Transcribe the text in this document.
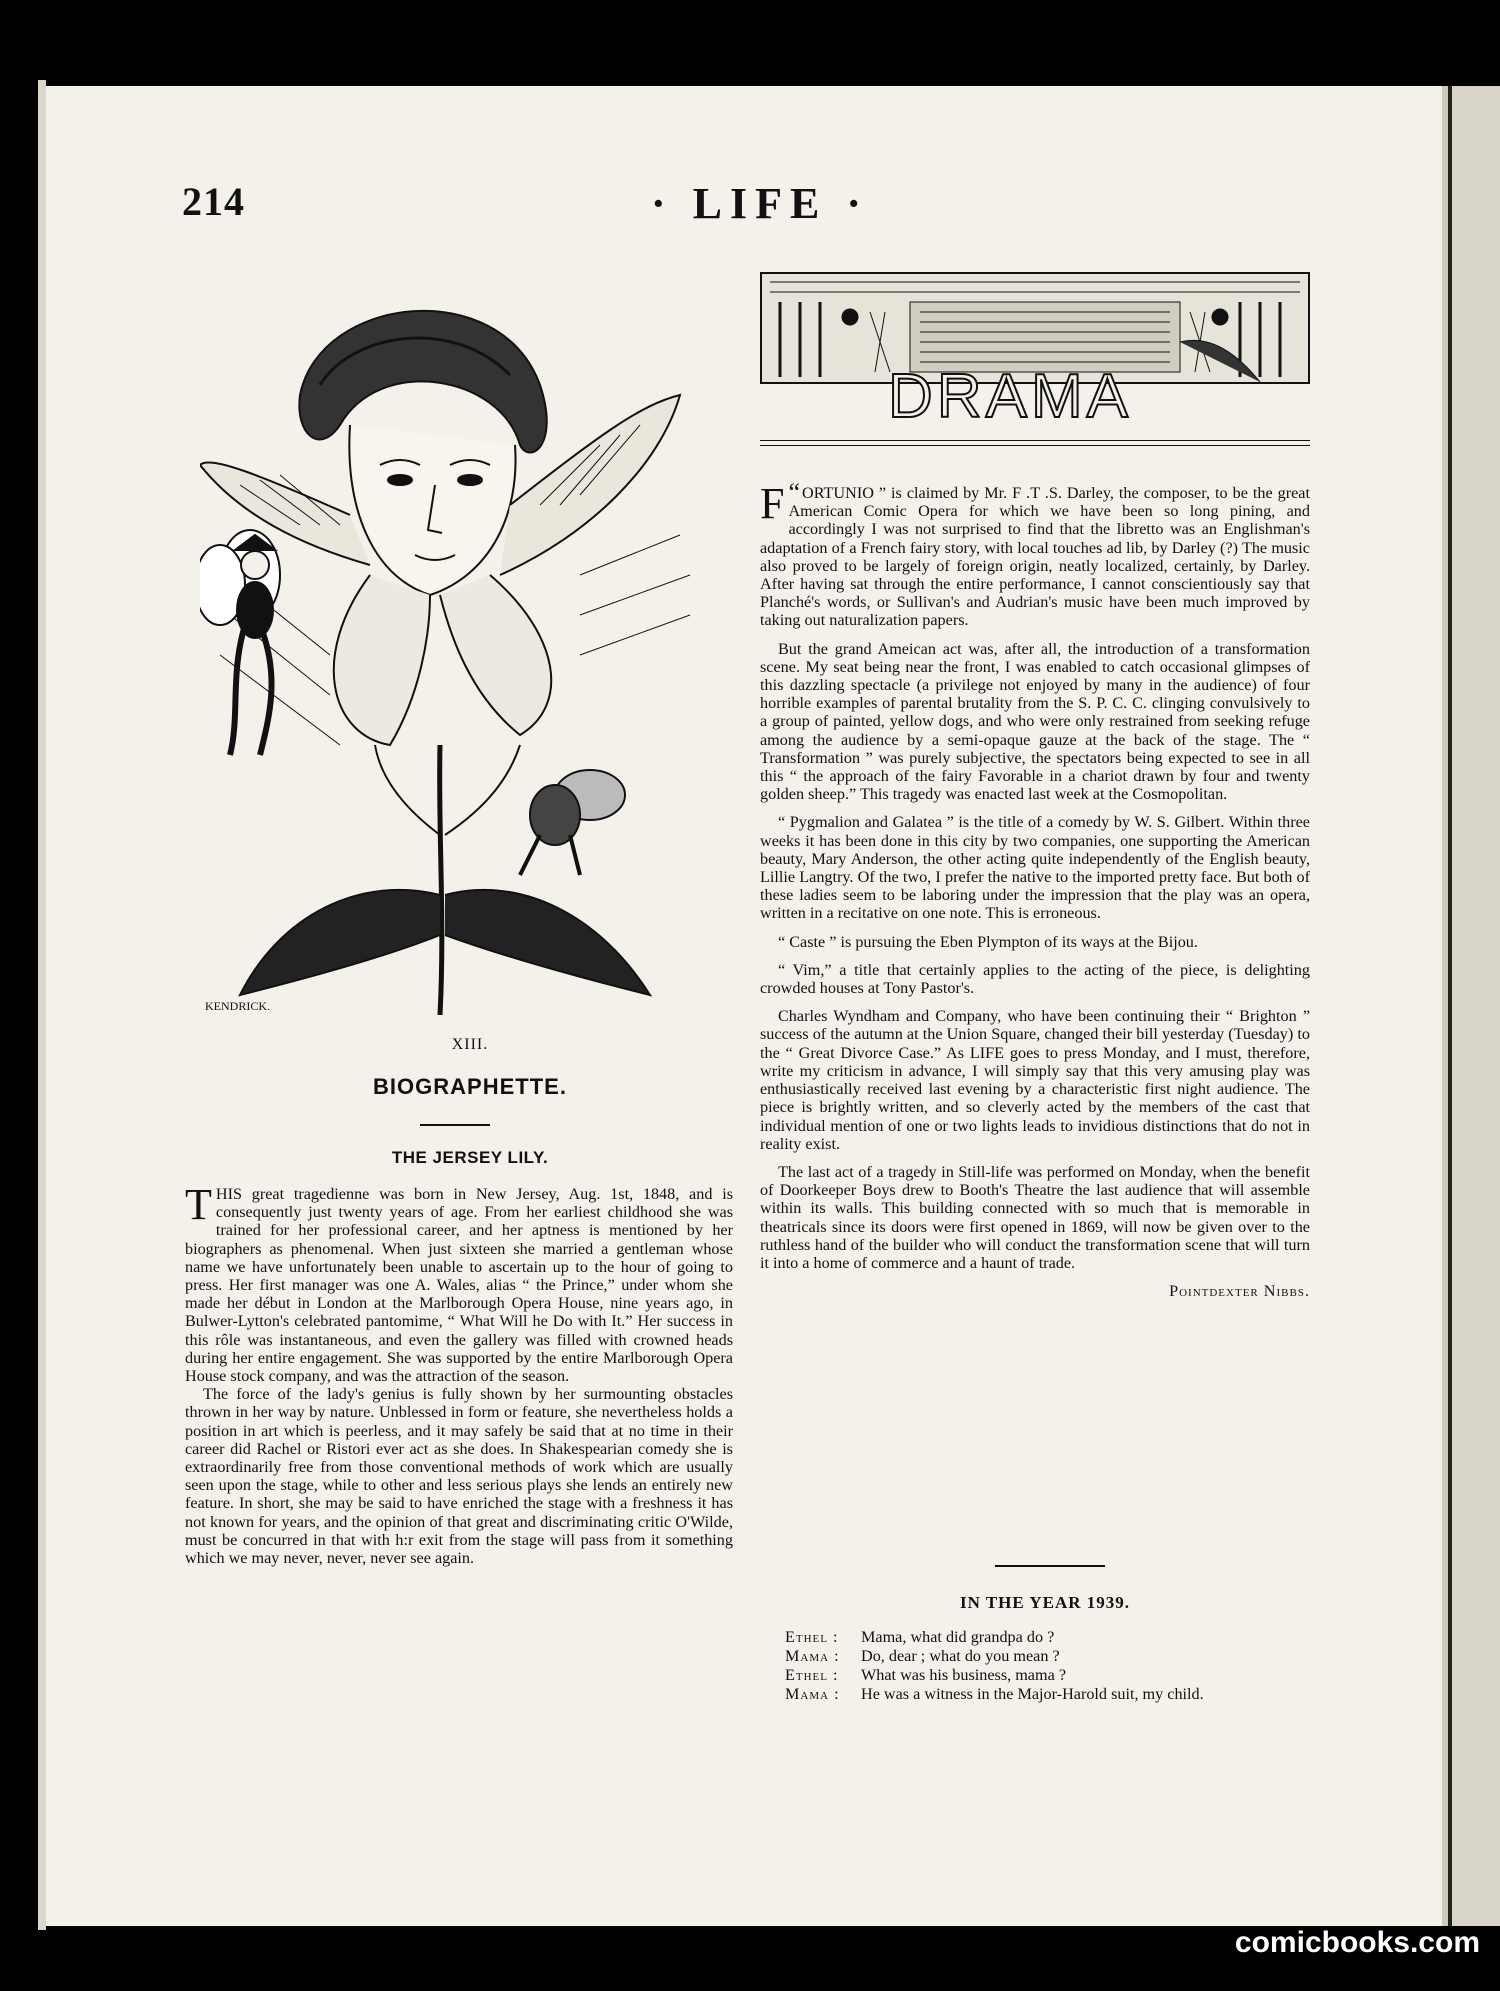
214	· LIFE ·
KENDRICK.
XIII.
BIOGRAPHETTE.
THE JERSEY LILY.

THIS great tragedienne was born in New Jersey, Aug. 1st, 1848, and is consequently just twenty years of age. From her earliest childhood she was trained for her professional career, and her aptness is mentioned by her biographers as phenomenal. When just sixteen she married a gentleman whose name we have unfortunately been unable to ascertain up to the hour of going to press. Her first manager was one A. Wales, alias “ the Prince,” under whom she made her début in London at the Marlborough Opera House, nine years ago, in Bulwer-Lytton's celebrated pantomime, “ What Will he Do with It.” Her success in this rôle was instantaneous, and even the gallery was filled with crowned heads during her entire engagement. She was supported by the entire Marlborough Opera House stock company, and was the attraction of the season.

The force of the lady's genius is fully shown by her surmounting obstacles thrown in her way by nature. Unblessed in form or feature, she nevertheless holds a position in art which is peerless, and it may safely be said that at no time in their career did Rachel or Ristori ever act as she does. In Shakespearian comedy she is extraordinarily free from those conventional methods of work which are usually seen upon the stage, while to other and less serious plays she lends an entirely new feature. In short, she may be said to have enriched the stage with a freshness it has not known for years, and the opinion of that great and discriminating critic O'Wilde, must be concurred in that with h:r exit from the stage will pass from it something which we may never, never, never see again.

DRAMA

“
F ORTUNIO ” is claimed by Mr. F .T .S. Darley, the composer, to be the great American Comic Opera for which we have been so long pining, and accordingly I was not surprised to find that the libretto was an Englishman's adaptation of a French fairy story, with local touches ad lib, by Darley (?) The music also proved to be largely of foreign origin, neatly localized, certainly, by Darley. After having sat through the entire performance, I cannot conscientiously say that Planché's words, or Sullivan's and Audrian's music have been much improved by taking out naturalization papers.

But the grand Ameican act was, after all, the introduction of a transformation scene. My seat being near the front, I was enabled to catch occasional glimpses of this dazzling spectacle (a privilege not enjoyed by many in the audience) of four horrible examples of parental brutality from the S. P. C. C. clinging convulsively to a group of painted, yellow dogs, and who were only restrained from seeking refuge among the audience by a semi-opaque gauze at the back of the stage. The “ Transformation ” was purely subjective, the spectators being expected to see in all this “ the approach of the fairy Favorable in a chariot drawn by four and twenty golden sheep.” This tragedy was enacted last week at the Cosmopolitan.

“ Pygmalion and Galatea ” is the title of a comedy by W. S. Gilbert. Within three weeks it has been done in this city by two companies, one supporting the American beauty, Mary Anderson, the other acting quite independently of the English beauty, Lillie Langtry. Of the two, I prefer the native to the imported pretty face. But both of these ladies seem to be laboring under the impression that the play was an opera, written in a recitative on one note. This is erroneous.

“ Caste ” is pursuing the Eben Plympton of its ways at the Bijou.

“ Vim,” a title that certainly applies to the acting of the piece, is delighting crowded houses at Tony Pastor's.

Charles Wyndham and Company, who have been continuing their “ Brighton ” success of the autumn at the Union Square, changed their bill yesterday (Tuesday) to the “ Great Divorce Case.” As LIFE goes to press Monday, and I must, therefore, write my criticism in advance, I will simply say that this very amusing play was enthusiastically received last evening by a characteristic first night audience. The piece is brightly written, and so cleverly acted by the members of the cast that individual mention of one or two lights leads to invidious distinctions that do not in reality exist.

The last act of a tragedy in Still-life was performed on Monday, when the benefit of Doorkeeper Boys drew to Booth's Theatre the last audience that will assemble within its walls. This building connected with so much that is memorable in theatricals since its doors were first opened in 1869, will now be given over to the ruthless hand of the builder who will conduct the transformation scene that will turn it into a home of commerce and a haunt of trade.

Pointdexter Nibbs.

IN THE YEAR 1939.
Ethel :	Mama, what did grandpa do ?
Mama :	Do, dear ; what do you mean ?
Ethel :	What was his business, mama ?
Mama :	He was a witness in the Major-Harold suit, my child.
comicbooks.com
